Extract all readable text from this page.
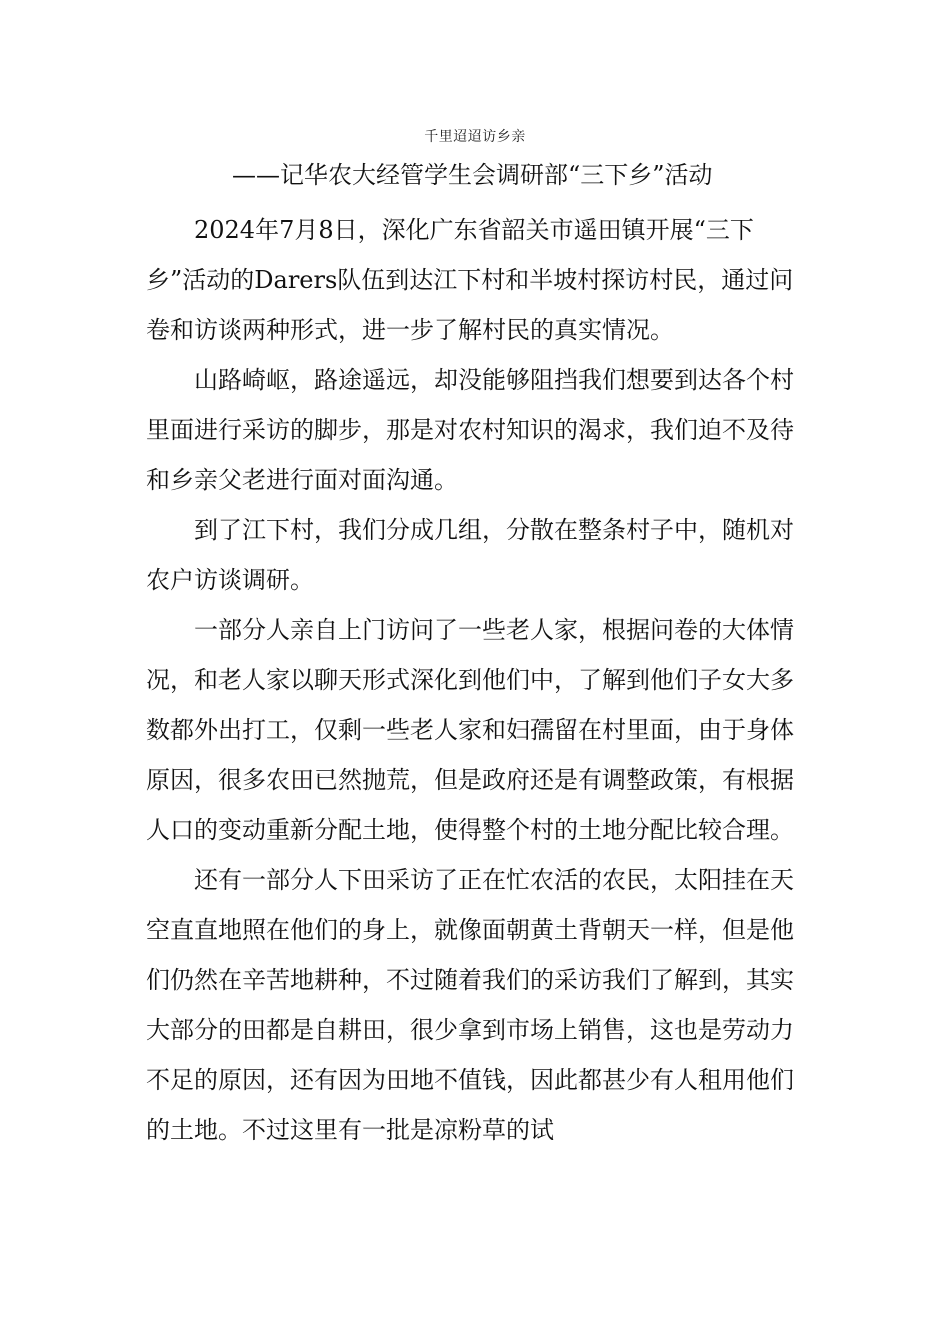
千里迢迢访乡亲
——记华农大经管学生会调研部“三下乡”活动

2024年7月8日，深化广东省韶关市遥田镇开展“三下乡”活动的Darers队伍到达江下村和半坡村探访村民，通过问卷和访谈两种形式，进一步了解村民的真实情况。

山路崎岖，路途遥远，却没能够阻挡我们想要到达各个村里面进行采访的脚步，那是对农村知识的渴求，我们迫不及待和乡亲父老进行面对面沟通。

到了江下村，我们分成几组，分散在整条村子中，随机对农户访谈调研。

一部分人亲自上门访问了一些老人家，根据问卷的大体情况，和老人家以聊天形式深化到他们中，了解到他们子女大多数都外出打工，仅剩一些老人家和妇孺留在村里面，由于身体原因，很多农田已然抛荒，但是政府还是有调整政策，有根据人口的变动重新分配土地，使得整个村的土地分配比较合理。

还有一部分人下田采访了正在忙农活的农民，太阳挂在天空直直地照在他们的身上，就像面朝黄土背朝天一样，但是他们仍然在辛苦地耕种，不过随着我们的采访我们了解到，其实大部分的田都是自耕田，很少拿到市场上销售，这也是劳动力不足的原因，还有因为田地不值钱，因此都甚少有人租用他们的土地。不过这里有一批是凉粉草的试
